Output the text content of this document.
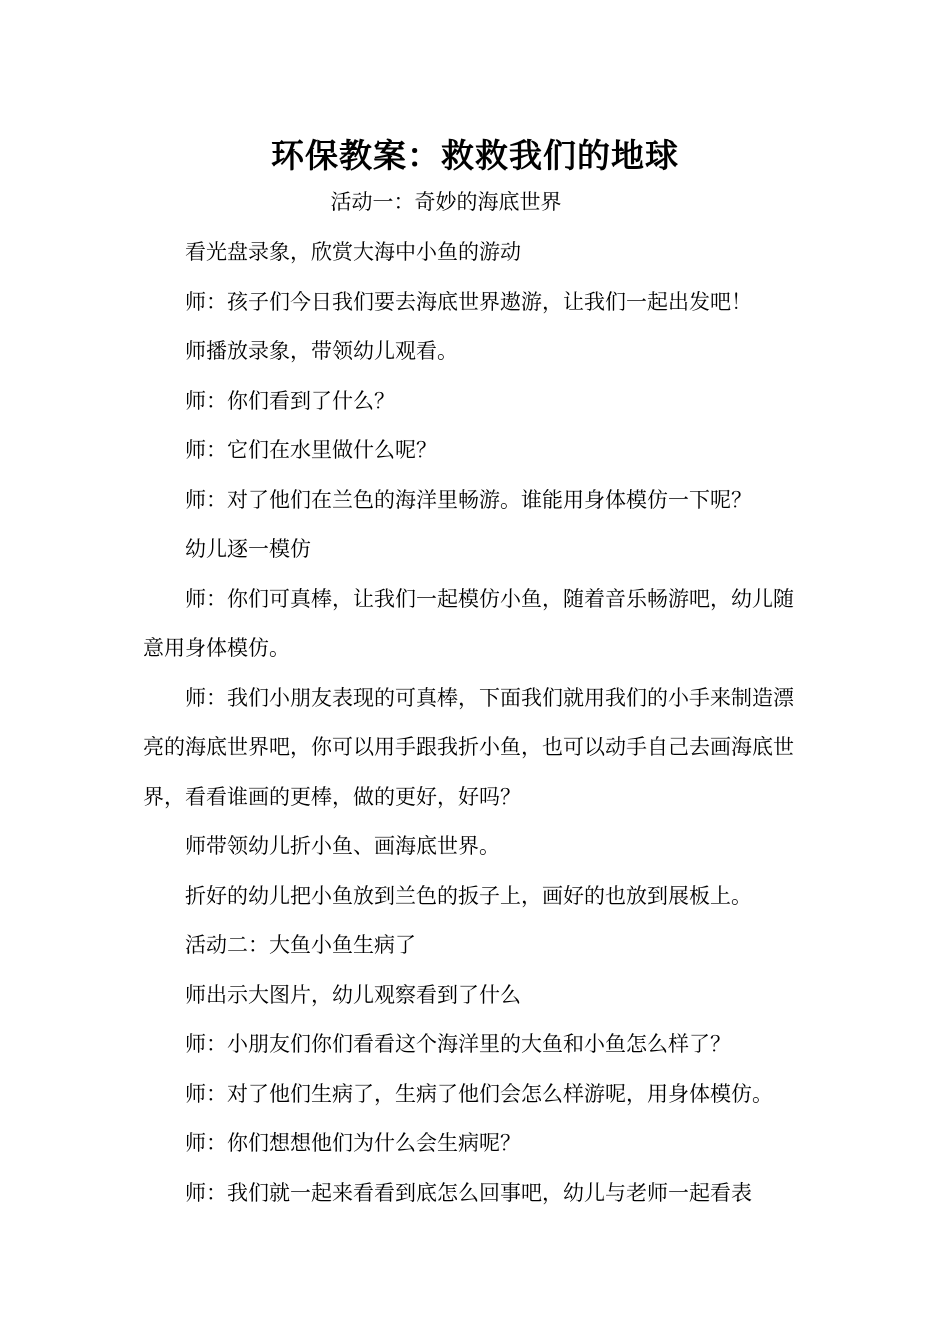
环保教案：救救我们的地球
活动一：奇妙的海底世界

看光盘录象，欣赏大海中小鱼的游动

师：孩子们今日我们要去海底世界遨游，让我们一起出发吧！

师播放录象，带领幼儿观看。

师：你们看到了什么？

师：它们在水里做什么呢？

师：对了他们在兰色的海洋里畅游。谁能用身体模仿一下呢？

幼儿逐一模仿

师：你们可真棒，让我们一起模仿小鱼，随着音乐畅游吧，幼儿随意用身体模仿。

师：我们小朋友表现的可真棒，下面我们就用我们的小手来制造漂亮的海底世界吧，你可以用手跟我折小鱼，也可以动手自己去画海底世界，看看谁画的更棒，做的更好，好吗？

师带领幼儿折小鱼、画海底世界。

折好的幼儿把小鱼放到兰色的扳子上，画好的也放到展板上。

活动二：大鱼小鱼生病了

师出示大图片，幼儿观察看到了什么

师：小朋友们你们看看这个海洋里的大鱼和小鱼怎么样了？

师：对了他们生病了，生病了他们会怎么样游呢，用身体模仿。

师：你们想想他们为什么会生病呢？

师：我们就一起来看看到底怎么回事吧，幼儿与老师一起看表
